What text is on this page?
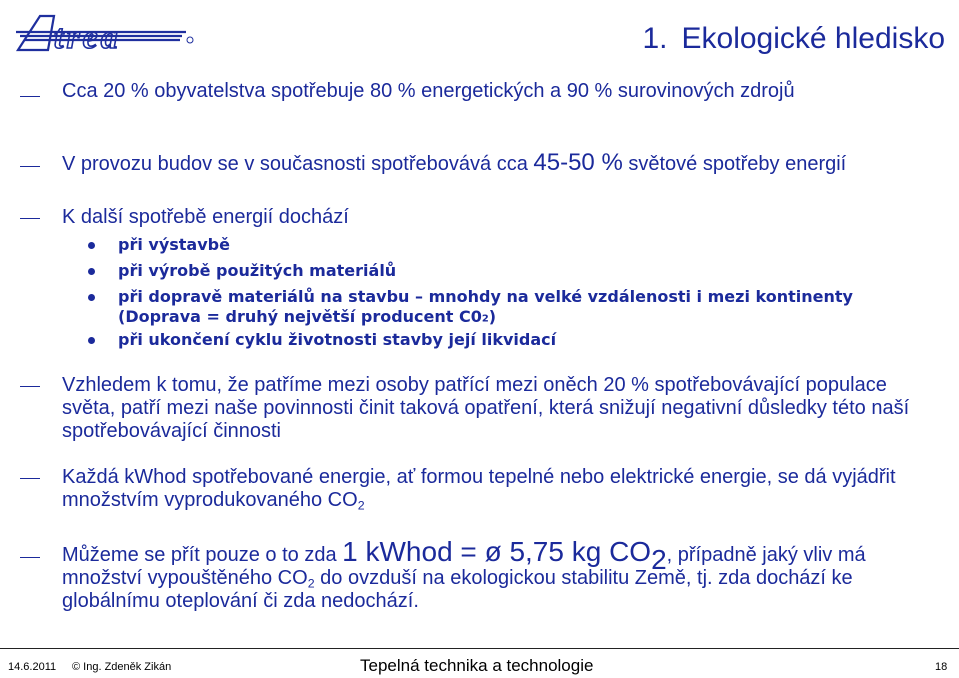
trea	1. Ekologické hledisko
Cca 20 % obyvatelstva spotřebuje 80 % energetických a 90 % surovinových zdrojů
V provozu budov se v současnosti spotřebovává cca 45-50 % světové spotřeby energií
K další spotřebě energií dochází
při výstavbě
při výrobě použitých materiálů
při dopravě materiálů na stavbu – mnohdy na velké vzdálenosti i mezi kontinenty (Doprava = druhý největší producent C02)
při ukončení cyklu životnosti stavby její likvidací
Vzhledem k tomu, že patříme mezi osoby patřící mezi oněch 20 % spotřebovávající populace světa, patří mezi naše povinnosti činit taková opatření, která snižují negativní důsledky této naší spotřebovávající činnosti
Každá kWhod spotřebované energie, ať formou tepelné nebo elektrické energie, se dá vyjádřit množstvím vyprodukovaného $CO_2$
Můžeme se přít pouze o to zda 1 kWhod = ø 5,75 kg $CO_2$, případně jaký vliv má množství vypouštěného $CO_2$ do ovzduší na ekologickou stabilitu Země, tj. zda dochází ke globálnímu oteplování či zda nedochází.
14.6.2011 © Ing. Zdeněk Zikán	Tepelná technika a technologie	18
